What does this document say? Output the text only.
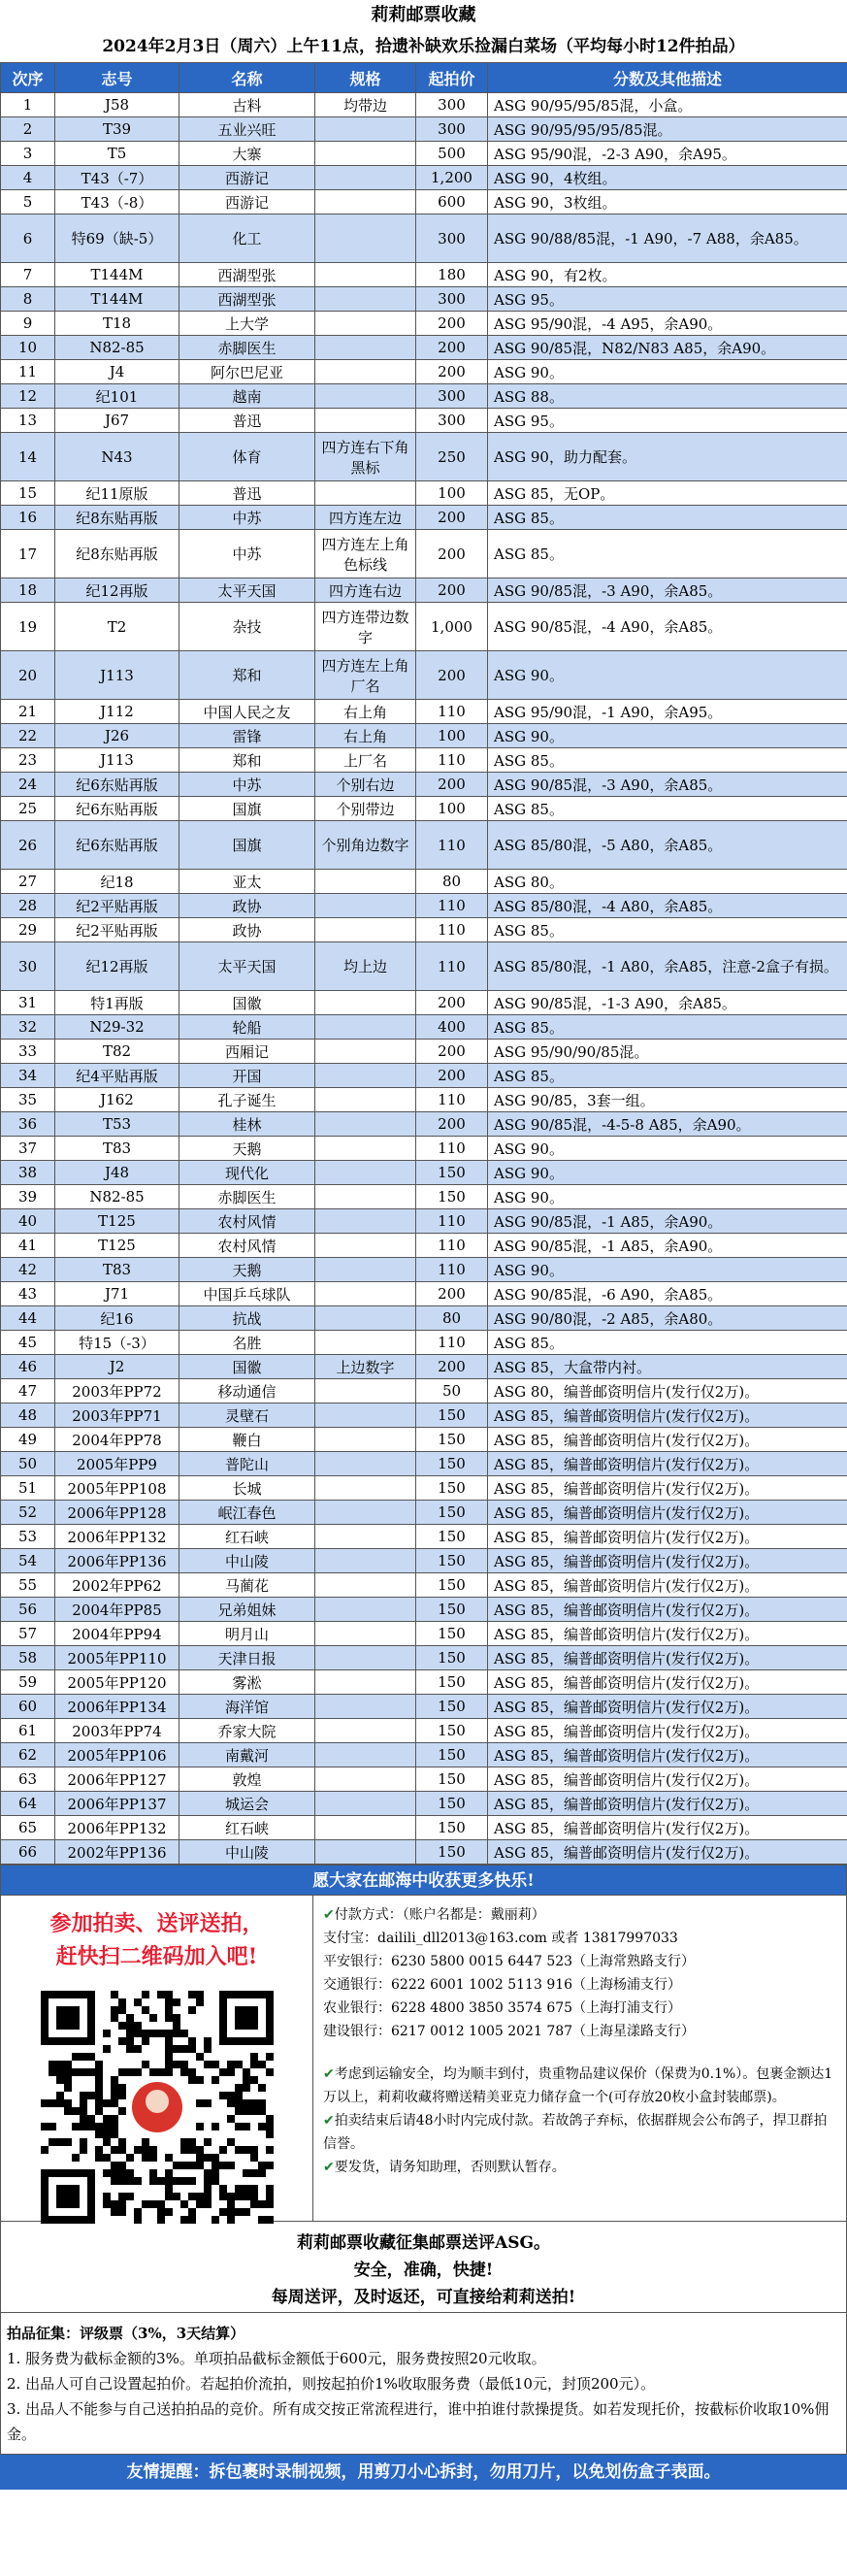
莉莉邮票收藏
2024年2月3日（周六）上午11点，拾遗补缺欢乐捡漏白菜场（平均每小时12件拍品）
次序	志号	名称	规格	起拍价	分数及其他描述
1	J58	古料	均带边	300	ASG 90/95/95/85混，小盒。
2	T39	五业兴旺		300	ASG 90/95/95/95/85混。
3	T5	大寨		500	ASG 95/90混，-2-3 A90，余A95。
4	T43（-7）	西游记		1,200	ASG 90，4枚组。
5	T43（-8）	西游记		600	ASG 90，3枚组。
6	特69（缺-5）	化工		300	ASG 90/88/85混，-1 A90，-7 A88，余A85。
7	T144M	西湖型张		180	ASG 90，有2枚。
8	T144M	西湖型张		300	ASG 95。
9	T18	上大学		200	ASG 95/90混，-4 A95，余A90。
10	N82-85	赤脚医生		200	ASG 90/85混，N82/N83 A85，余A90。
11	J4	阿尔巴尼亚		200	ASG 90。
12	纪101	越南		300	ASG 88。
13	J67	普迅		300	ASG 95。
14	N43	体育	四方连右下角黑标	250	ASG 90，助力配套。
15	纪11原版	普迅		100	ASG 85，无OP。
16	纪8东贴再版	中苏	四方连左边	200	ASG 85。
17	纪8东贴再版	中苏	四方连左上角色标线	200	ASG 85。
18	纪12再版	太平天国	四方连右边	200	ASG 90/85混，-3 A90，余A85。
19	T2	杂技	四方连带边数字	1,000	ASG 90/85混，-4 A90，余A85。
20	J113	郑和	四方连左上角厂名	200	ASG 90。
21	J112	中国人民之友	右上角	110	ASG 95/90混，-1 A90，余A95。
22	J26	雷锋	右上角	100	ASG 90。
23	J113	郑和	上厂名	110	ASG 85。
24	纪6东贴再版	中苏	个别右边	200	ASG 90/85混，-3 A90，余A85。
25	纪6东贴再版	国旗	个别带边	100	ASG 85。
26	纪6东贴再版	国旗	个别角边数字	110	ASG 85/80混，-5 A80，余A85。
27	纪18	亚太		80	ASG 80。
28	纪2平贴再版	政协		110	ASG 85/80混，-4 A80，余A85。
29	纪2平贴再版	政协		110	ASG 85。
30	纪12再版	太平天国	均上边	110	ASG 85/80混，-1 A80，余A85，注意-2盒子有损。
31	特1再版	国徽		200	ASG 90/85混，-1-3 A90，余A85。
32	N29-32	轮船		400	ASG 85。
33	T82	西厢记		200	ASG 95/90/90/85混。
34	纪4平贴再版	开国		200	ASG 85。
35	J162	孔子诞生		110	ASG 90/85，3套一组。
36	T53	桂林		200	ASG 90/85混，-4-5-8 A85，余A90。
37	T83	天鹅		110	ASG 90。
38	J48	现代化		150	ASG 90。
39	N82-85	赤脚医生		150	ASG 90。
40	T125	农村风情		110	ASG 90/85混，-1 A85，余A90。
41	T125	农村风情		110	ASG 90/85混，-1 A85，余A90。
42	T83	天鹅		110	ASG 90。
43	J71	中国乒乓球队		200	ASG 90/85混，-6 A90，余A85。
44	纪16	抗战		80	ASG 90/80混，-2 A85，余A80。
45	特15（-3）	名胜		110	ASG 85。
46	J2	国徽	上边数字	200	ASG 85，大盒带内衬。
47	2003年PP72	移动通信		50	ASG 80，编普邮资明信片(发行仅2万)。
48	2003年PP71	灵壁石		150	ASG 85，编普邮资明信片(发行仅2万)。
49	2004年PP78	鞭白		150	ASG 85，编普邮资明信片(发行仅2万)。
50	2005年PP9	普陀山		150	ASG 85，编普邮资明信片(发行仅2万)。
51	2005年PP108	长城		150	ASG 85，编普邮资明信片(发行仅2万)。
52	2006年PP128	岷江春色		150	ASG 85，编普邮资明信片(发行仅2万)。
53	2006年PP132	红石峡		150	ASG 85，编普邮资明信片(发行仅2万)。
54	2006年PP136	中山陵		150	ASG 85，编普邮资明信片(发行仅2万)。
55	2002年PP62	马蔺花		150	ASG 85，编普邮资明信片(发行仅2万)。
56	2004年PP85	兄弟姐妹		150	ASG 85，编普邮资明信片(发行仅2万)。
57	2004年PP94	明月山		150	ASG 85，编普邮资明信片(发行仅2万)。
58	2005年PP110	天津日报		150	ASG 85，编普邮资明信片(发行仅2万)。
59	2005年PP120	雾淞		150	ASG 85，编普邮资明信片(发行仅2万)。
60	2006年PP134	海洋馆		150	ASG 85，编普邮资明信片(发行仅2万)。
61	2003年PP74	乔家大院		150	ASG 85，编普邮资明信片(发行仅2万)。
62	2005年PP106	南戴河		150	ASG 85，编普邮资明信片(发行仅2万)。
63	2006年PP127	敦煌		150	ASG 85，编普邮资明信片(发行仅2万)。
64	2006年PP137	城运会		150	ASG 85，编普邮资明信片(发行仅2万)。
65	2006年PP132	红石峡		150	ASG 85，编普邮资明信片(发行仅2万)。
66	2002年PP136	中山陵		150	ASG 85，编普邮资明信片(发行仅2万)。
愿大家在邮海中收获更多快乐!
参加拍卖、送评送拍，
赶快扫二维码加入吧!
✔付款方式：（账户名都是：戴丽莉）
支付宝：dailili_dll2013@163.com 或者 13817997033
平安银行：6230 5800 0015 6447 523（上海常熟路支行）
交通银行：6222 6001 1002 5113 916（上海杨浦支行）
农业银行：6228 4800 3850 3574 675（上海打浦支行）
建设银行：6217 0012 1005 2021 787（上海星漾路支行）
✔考虑到运输安全，均为顺丰到付，贵重物品建议保价（保费为0.1%）。包裹金额达1万以上，莉莉收藏将赠送精美亚克力储存盒一个(可存放20枚小盒封装邮票)。
✔拍卖结束后请48小时内完成付款。若故鸽子弃标，依据群规会公布鸽子，捍卫群拍信誉。
✔要发货，请务知助理，否则默认暂存。
莉莉邮票收藏征集邮票送评ASG。
安全，准确，快捷!
每周送评，及时返还，可直接给莉莉送拍!
拍品征集：评级票（3%，3天结算）
1. 服务费为截标金额的3%。单项拍品截标金额低于600元，服务费按照20元收取。
2. 出品人可自己设置起拍价。若起拍价流拍，则按起拍价1%收取服务费（最低10元，封顶200元）。
3. 出品人不能参与自己送拍拍品的竞价。所有成交按正常流程进行，谁中拍谁付款操提货。如若发现托价，按截标价收取10%佣金。
友情提醒：拆包裹时录制视频，用剪刀小心拆封，勿用刀片，以免划伤盒子表面。
